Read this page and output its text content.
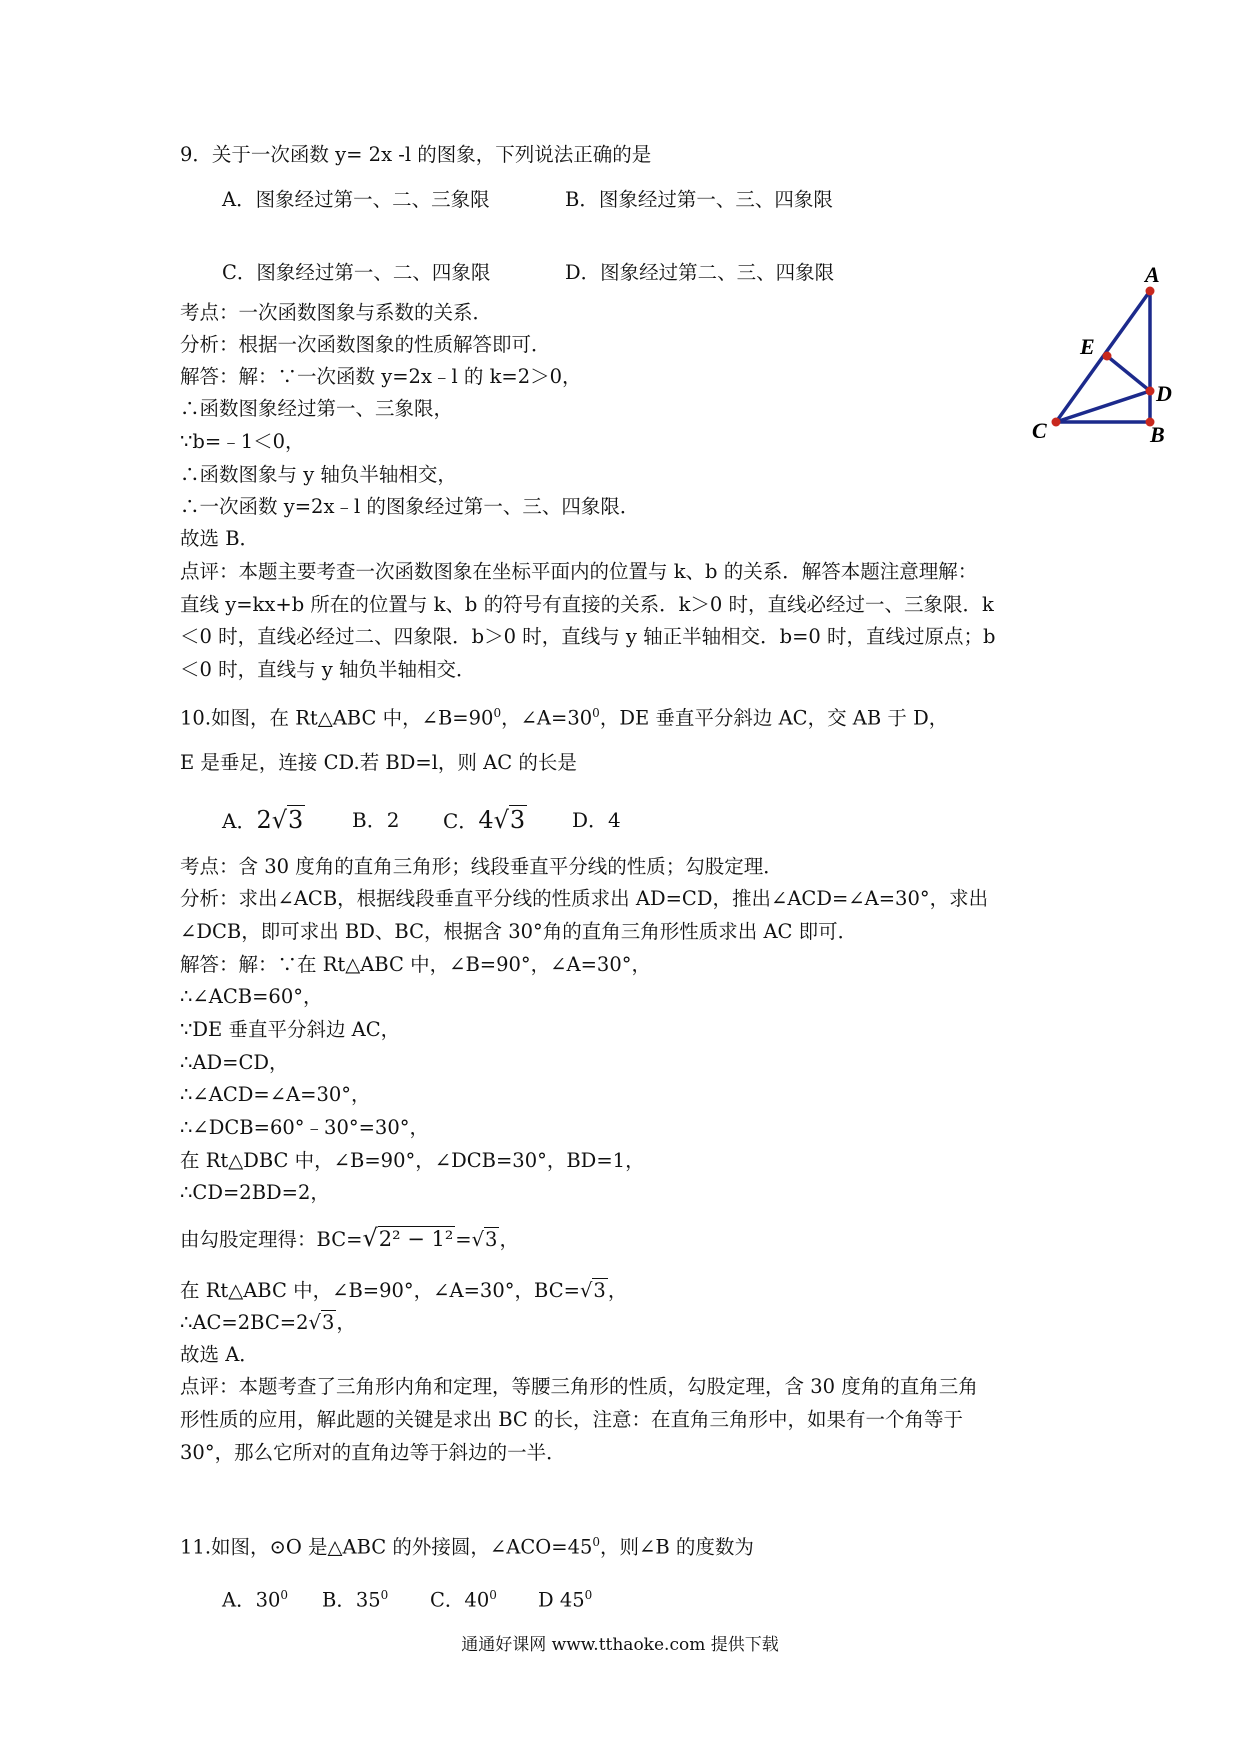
9．关于一次函数 y= 2x -l 的图象，下列说法正确的是
A．图象经过第一、二、三象限	B．图象经过第一、三、四象限
C．图象经过第一、二、四象限	D．图象经过第二、三、四象限
考点：一次函数图象与系数的关系．
分析：根据一次函数图象的性质解答即可．
解答：解：∵一次函数 y=2x﹣l 的 k=2＞0，
∴函数图象经过第一、三象限，
∵b=﹣1＜0，
∴函数图象与 y 轴负半轴相交，
∴一次函数 y=2x﹣l 的图象经过第一、三、四象限．
故选 B．
点评：本题主要考查一次函数图象在坐标平面内的位置与 k、b 的关系．解答本题注意理解：
直线 y=kx+b 所在的位置与 k、b 的符号有直接的关系．k＞0 时，直线必经过一、三象限．k
＜0 时，直线必经过二、四象限．b＞0 时，直线与 y 轴正半轴相交．b=0 时，直线过原点；b
＜0 时，直线与 y 轴负半轴相交．
A
E
D
C	B
10.如图，在 Rt△ABC 中，$\angle B=90^0$，$\angle A=30^0$，DE 垂直平分斜边 AC，交 AB 于 D，
E 是垂足，连接 CD.若 BD=l，则 AC 的长是
A．2√3 B．2 C．4√3 D．4
考点：含 30 度角的直角三角形；线段垂直平分线的性质；勾股定理．
分析：求出∠ACB，根据线段垂直平分线的性质求出 AD=CD，推出∠ACD=∠A=30°，求出
∠DCB，即可求出 BD、BC，根据含 30°角的直角三角形性质求出 AC 即可．
解答：解：∵在 Rt△ABC 中，∠B=90°，∠A=30°，
∴∠ACB=60°，
∵DE 垂直平分斜边 AC，
∴AD=CD，
∴∠ACD=∠A=30°，
∴∠DCB=60°﹣30°=30°，
在 Rt△DBC 中，∠B=90°，∠DCB=30°，BD=1，
∴CD=2BD=2，
由勾股定理得：BC=√2² − 1² =√3 ，
在 Rt△ABC 中，∠B=90°，∠A=30°，BC=√3 ，
∴AC=2BC=2√3 ，
故选 A．
点评：本题考查了三角形内角和定理，等腰三角形的性质，勾股定理，含 30 度角的直角三角
形性质的应用，解此题的关键是求出 BC 的长，注意：在直角三角形中，如果有一个角等于
30°，那么它所对的直角边等于斜边的一半．
11.如图，⊙O 是△ABC 的外接圆，$\angle ACO=45^0$，则∠B 的度数为
A．$30^0$ B．$35^0$ C．$40^0$ D $45^0$
通通好课网 www.tthaoke.com 提供下载
